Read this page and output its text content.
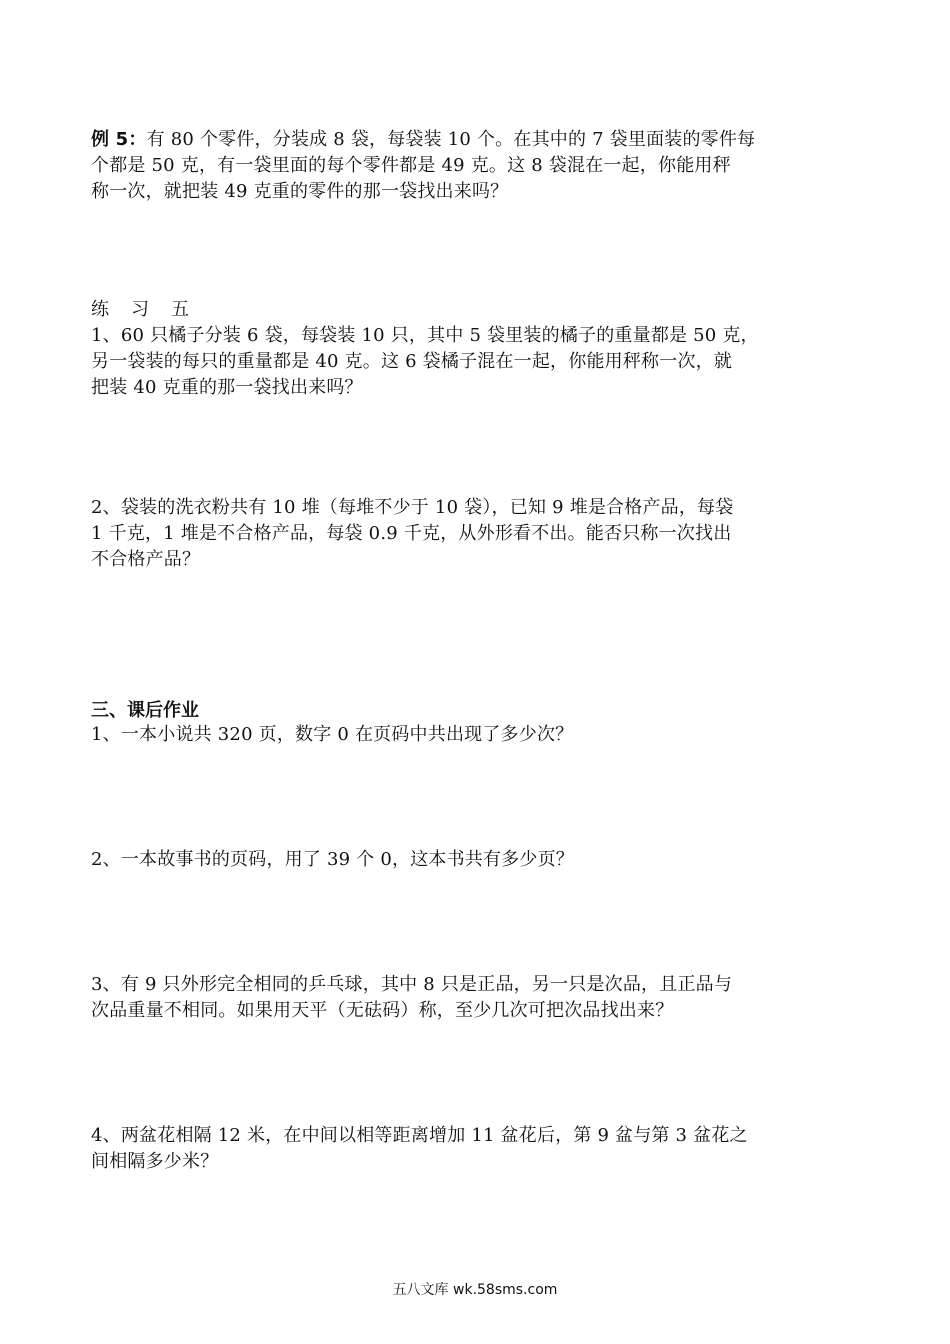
例 5：有 80 个零件，分装成 8 袋，每袋装 10 个。在其中的 7 袋里面装的零件每

个都是 50 克，有一袋里面的每个零件都是 49 克。这 8 袋混在一起，你能用秤

称一次，就把装 49 克重的零件的那一袋找出来吗？

练习五

1、60 只橘子分装 6 袋，每袋装 10 只，其中 5 袋里装的橘子的重量都是 50 克，

另一袋装的每只的重量都是 40 克。这 6 袋橘子混在一起，你能用秤称一次，就

把装 40 克重的那一袋找出来吗？

2、袋装的洗衣粉共有 10 堆（每堆不少于 10 袋），已知 9 堆是合格产品，每袋

1 千克，1 堆是不合格产品，每袋 0.9 千克，从外形看不出。能否只称一次找出

不合格产品？

三、课后作业

1、一本小说共 320 页，数字 0 在页码中共出现了多少次？

2、一本故事书的页码，用了 39 个 0，这本书共有多少页？

3、有 9 只外形完全相同的乒乓球，其中 8 只是正品，另一只是次品，且正品与

次品重量不相同。如果用天平（无砝码）称，至少几次可把次品找出来？

4、两盆花相隔 12 米，在中间以相等距离增加 11 盆花后，第 9 盆与第 3 盆花之

间相隔多少米？

五八文库 wk.58sms.com
